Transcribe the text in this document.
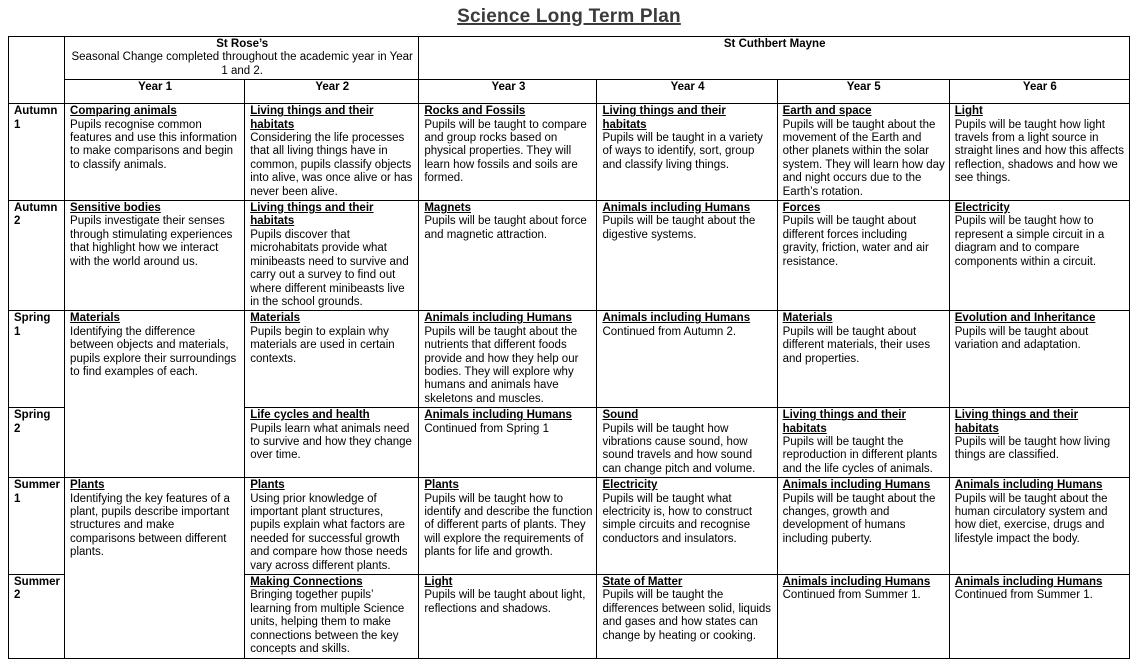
Science Long Term Plan
	St Rose’s
Seasonal Change completed throughout the academic year in Year 1 and 2.		St Cuthbert Mayne			
	Year 1	Year 2	Year 3	Year 4	Year 5	Year 6

Autumn 1	Comparing animals
Pupils recognise common features and use this information to make comparisons and begin to classify animals.	Living things and their habitats
Considering the life processes that all living things have in common, pupils classify objects into alive, was once alive or has never been alive.	Rocks and Fossils
Pupils will be taught to compare and group rocks based on physical properties. They will learn how fossils and soils are formed.	Living things and their habitats
Pupils will be taught in a variety of ways to identify, sort, group and classify living things.	Earth and space
Pupils will be taught about the movement of the Earth and other planets within the solar system. They will learn how day and night occurs due to the Earth’s rotation.	Light
Pupils will be taught how light travels from a light source in straight lines and how this affects reflection, shadows and how we see things.

Autumn 2	Sensitive bodies
Pupils investigate their senses through stimulating experiences that highlight how we interact with the world around us.	Living things and their habitats
Pupils discover that microhabitats provide what minibeasts need to survive and carry out a survey to find out where different minibeasts live in the school grounds.	Magnets
Pupils will be taught about force and magnetic attraction.	Animals including Humans
Pupils will be taught about the digestive systems.	Forces
Pupils will be taught about different forces including gravity, friction, water and air resistance.	Electricity
Pupils will be taught how to represent a simple circuit in a diagram and to compare components within a circuit.

Spring 1	Materials
Identifying the difference between objects and materials, pupils explore their surroundings to find examples of each.	Materials
Pupils begin to explain why materials are used in certain contexts.	Animals including Humans
Pupils will be taught about the nutrients that different foods provide and how they help our bodies. They will explore why humans and animals have skeletons and muscles.	Animals including Humans
Continued from Autumn 2.	Materials
Pupils will be taught about different materials, their uses and properties.	Evolution and Inheritance
Pupils will be taught about variation and adaptation.

Spring 2		Life cycles and health
Pupils learn what animals need to survive and how they change over time.	Animals including Humans
Continued from Spring 1	Sound
Pupils will be taught how vibrations cause sound, how sound travels and how sound can change pitch and volume.	Living things and their habitats
Pupils will be taught the reproduction in different plants and the life cycles of animals.	Living things and their habitats
Pupils will be taught how living things are classified.

Summer 1	Plants
Identifying the key features of a plant, pupils describe important structures and make comparisons between different plants.	Plants
Using prior knowledge of important plant structures, pupils explain what factors are needed for successful growth and compare how those needs vary across different plants.	Plants
Pupils will be taught how to identify and describe the function of different parts of plants. They will explore the requirements of plants for life and growth.	Electricity
Pupils will be taught what electricity is, how to construct simple circuits and recognise conductors and insulators.	Animals including Humans
Pupils will be taught about the changes, growth and development of humans including puberty.	Animals including Humans
Pupils will be taught about the human circulatory system and how diet, exercise, drugs and lifestyle impact the body.

Summer 2		Making Connections
Bringing together pupils’ learning from multiple Science units, helping them to make connections between the key concepts and skills.	Light
Pupils will be taught about light, reflections and shadows.	State of Matter
Pupils will be taught the differences between solid, liquids and gases and how states can change by heating or cooking.	Animals including Humans
Continued from Summer 1.	Animals including Humans
Continued from Summer 1.
